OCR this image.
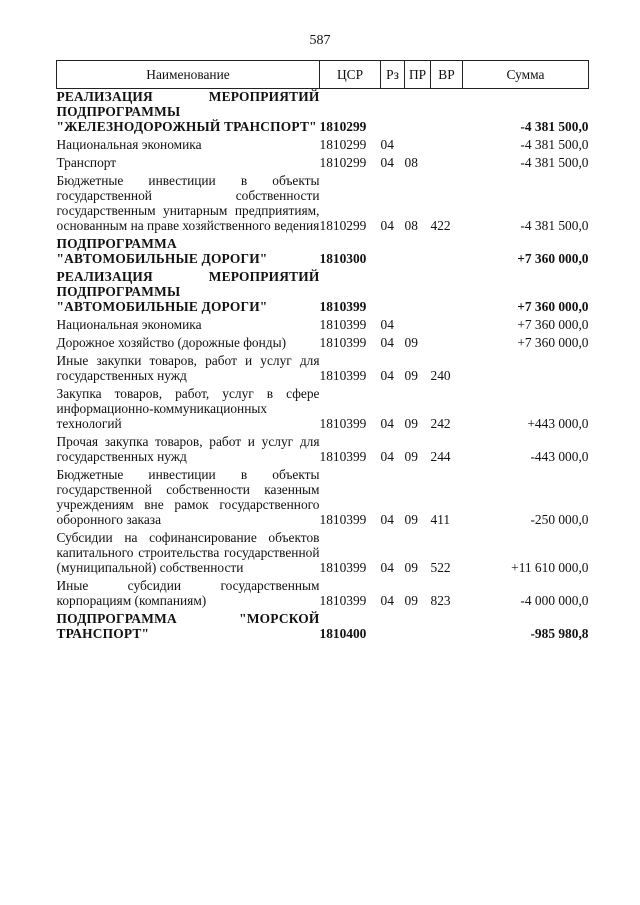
587
Наименование	ЦСР	Рз	ПР	ВР	Сумма
РЕАЛИЗАЦИЯ МЕРОПРИЯТИЙ ПОДПРОГРАММЫ "ЖЕЛЕЗНОДОРОЖНЫЙ ТРАНСПОРТ"	1810299				-4 381 500,0
Национальная экономика	1810299	04			-4 381 500,0
Транспорт	1810299	04	08		-4 381 500,0
Бюджетные инвестиции в объекты государственной собственности государственным унитарным предприятиям, основанным на праве хозяйственного ведения	1810299	04	08	422	-4 381 500,0
ПОДПРОГРАММА "АВТОМОБИЛЬНЫЕ ДОРОГИ"	1810300				+7 360 000,0
РЕАЛИЗАЦИЯ МЕРОПРИЯТИЙ ПОДПРОГРАММЫ "АВТОМОБИЛЬНЫЕ ДОРОГИ"	1810399				+7 360 000,0
Национальная экономика	1810399	04			+7 360 000,0
Дорожное хозяйство (дорожные фонды)	1810399	04	09		+7 360 000,0
Иные закупки товаров, работ и услуг для государственных нужд	1810399	04	09	240	
Закупка товаров, работ, услуг в сфере информационно-коммуникационных технологий	1810399	04	09	242	+443 000,0
Прочая закупка товаров, работ и услуг для государственных нужд	1810399	04	09	244	-443 000,0
Бюджетные инвестиции в объекты государственной собственности казенным учреждениям вне рамок государственного оборонного заказа	1810399	04	09	411	-250 000,0
Субсидии на софинансирование объектов капитального строительства государственной (муниципальной) собственности	1810399	04	09	522	+11 610 000,0
Иные субсидии государственным корпорациям (компаниям)	1810399	04	09	823	-4 000 000,0
ПОДПРОГРАММА "МОРСКОЙ ТРАНСПОРТ"	1810400				-985 980,8
